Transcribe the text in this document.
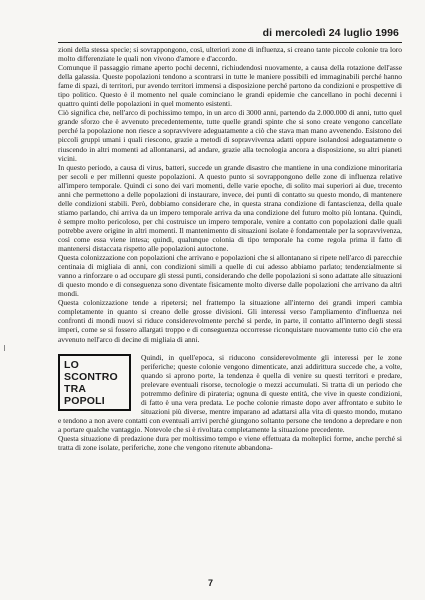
di mercoledì 24 luglio 1996

zioni della stessa specie; si sovrappongono, così, ulteriori zone di influenza, si creano tante piccole colonie tra loro molto differenziate le quali non vivono d'amore e d'accordo.

Comunque il passaggio rimane aperto pochi decenni, richiudendosi nuovamente, a causa della rotazione dell'asse della galassia. Queste popolazioni tendono a scontrarsi in tutte le maniere possibili ed immaginabili perché hanno fame di spazi, di territori, pur avendo territori immensi a disposizione perché partono da condizioni e prospettive di tipo politico. Questo è il momento nel quale cominciano le grandi epidemie che cancellano in pochi decenni i quattro quinti delle popolazioni in quel momento esistenti.

Ciò significa che, nell'arco di pochissimo tempo, in un arco di 3000 anni, partendo da 2.000.000 di anni, tutto quel grande sforzo che è avvenuto precedentemente, tutte quelle grandi spinte che si sono create vengono cancellate perché la popolazione non riesce a sopravvivere adeguatamente a ciò che stava man mano avvenendo. Esistono dei piccoli gruppi umani i quali riescono, grazie a metodi di sopravvivenza adatti oppure isolandosi adeguatamente o riuscendo in altri momenti ad allontanarsi, ad andare, grazie alla tecnologia ancora a disposizione, su altri pianeti vicini.

In questo periodo, a causa di virus, batteri, succede un grande disastro che mantiene in una condizione minoritaria per secoli e per millenni queste popolazioni. A questo punto si sovrappongono delle zone di influenza relative all'impero temporale. Quindi ci sono dei vari momenti, delle varie epoche, di solito mai superiori ai due, trecento anni che permettono a delle popolazioni di instaurare, invece, dei punti di contatto su questo mondo, di mantenere delle condizioni stabili. Però, dobbiamo considerare che, in questa strana condizione di fantascienza, della quale stiamo parlando, chi arriva da un impero temporale arriva da una condizione del futuro molto più lontana. Quindi, è sempre molto pericoloso, per chi costruisce un impero temporale, venire a contatto con popolazioni dalle quali potrebbe avere origine in altri momenti. Il mantenimento di situazioni isolate è fondamentale per la sopravvivenza, così come essa viene intesa; quindi, qualunque colonia di tipo temporale ha come regola prima il fatto di mantenersi distaccata rispetto alle popolazioni autoctone.

Questa colonizzazione con popolazioni che arrivano e popolazioni che si allontanano si ripete nell'arco di parecchie centinaia di migliaia di anni, con condizioni simili a quelle di cui adesso abbiamo parlato; tendenzialmente si vanno a rinforzare o ad occupare gli stessi punti, considerando che delle popolazioni si sono adattate alle situazioni di questo mondo e di conseguenza sono diventate fisicamente molto diverse dalle popolazioni che arrivano da altri mondi.

Questa colonizzazione tende a ripetersi; nel frattempo la situazione all'interno dei grandi imperi cambia completamente in quanto si creano delle grosse divisioni. Gli interessi verso l'ampliamento d'influenza nei confronti di mondi nuovi si riduce considerevolmente perché si perde, in parte, il contatto all'interno degli stessi imperi, come se si fossero allargati troppo e di conseguenza occorresse riconquistare nuovamente tutto ciò che era avvenuto nell'arco di decine di migliaia di anni.

LO
SCONTRO
TRA
POPOLI

Quindi, in quell'epoca, si riducono considerevolmente gli interessi per le zone periferiche; queste colonie vengono dimenticate, anzi addirittura succede che, a volte, quando si aprono porte, la tendenza è quella di venire su questi territori e predare, prelevare eventuali risorse, tecnologie o mezzi accumulati. Si tratta di un periodo che potremmo definire di pirateria; ognuna di queste entità, che vive in queste condizioni, di fatto è una vera predata. Le poche colonie rimaste dopo aver affrontato e subito le situazioni più diverse, mentre imparano ad adattarsi alla vita di questo mondo, mutano e tendono a non avere contatti con eventuali arrivi perché giungono soltanto persone che tendono a depredare e non a portare qualche vantaggio. Notevole che si è rivoltata completamente la situazione precedente.

Questa situazione di predazione dura per moltissimo tempo e viene effettuata da molteplici forme, anche perché si tratta di zone isolate, periferiche, zone che vengono ritenute abbandona-

7
